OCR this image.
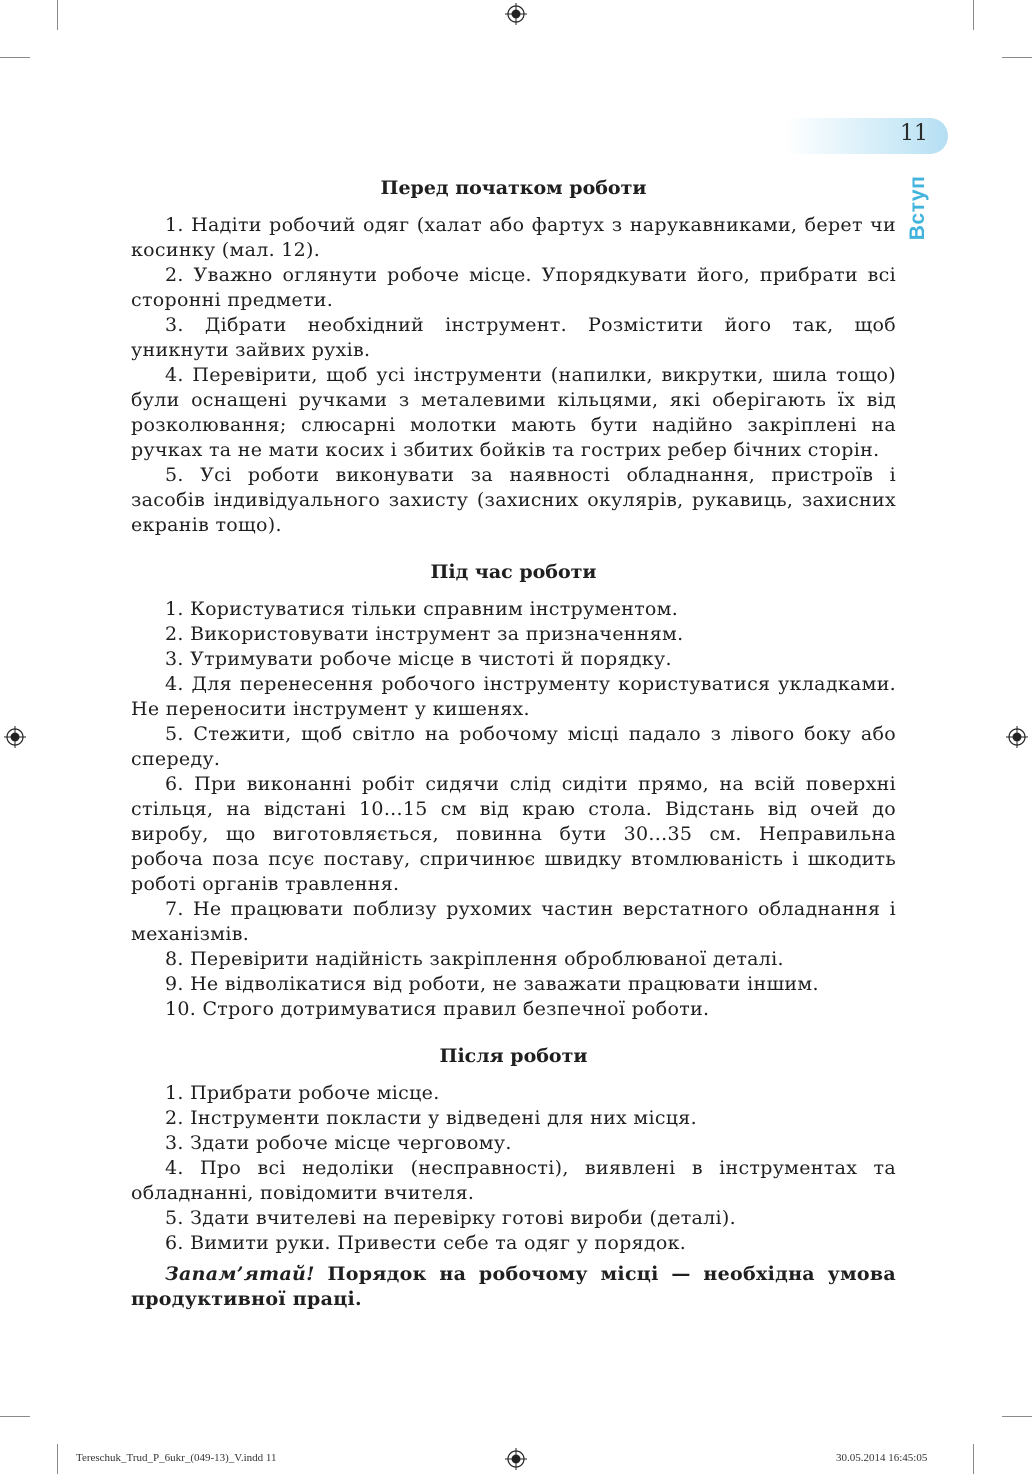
11
Вступ
Перед початком роботи

1. Надіти робочий одяг (халат або фартух з нарукавниками, берет чи косинку (мал. 12).

2. Уважно оглянути робоче місце. Упорядкувати його, прибрати всі сторонні предмети.

3. Дібрати необхідний інструмент. Розмістити його так, щоб уникнути зайвих рухів.

4. Перевірити, щоб усі інструменти (напилки, викрутки, шила тощо) були оснащені ручками з металевими кільцями, які оберігають їх від розколювання; слюсарні молотки мають бути надійно закріплені на ручках та не мати косих і збитих бойків та гострих ребер бічних сторін.

5. Усі роботи виконувати за наявності обладнання, пристроїв і засобів індивідуального захисту (захисних окулярів, рукавиць, захисних екранів тощо).

Під час роботи

1. Користуватися тільки справним інструментом.

2. Використовувати інструмент за призначенням.

3. Утримувати робоче місце в чистоті й порядку.

4. Для перенесення робочого інструменту користуватися укладками. Не переносити інструмент у кишенях.

5. Стежити, щоб світло на робочому місці падало з лівого боку або спереду.

6. При виконанні робіт сидячи слід сидіти прямо, на всій поверхні стільця, на відстані 10...15 см від краю стола. Відстань від очей до виробу, що виготовляється, повинна бути 30...35 см. Неправильна робоча поза псує поставу, спричинює швидку втомлюваність і шкодить роботі органів травлення.

7. Не працювати поблизу рухомих частин верстатного обладнання і механізмів.

8. Перевірити надійність закріплення оброблюваної деталі.

9. Не відволікатися від роботи, не заважати працювати іншим.

10. Строго дотримуватися правил безпечної роботи.

Після роботи

1. Прибрати робоче місце.

2. Інструменти покласти у відведені для них місця.

3. Здати робоче місце черговому.

4. Про всі недоліки (несправності), виявлені в інструментах та обладнанні, повідомити вчителя.

5. Здати вчителеві на перевірку готові вироби (деталі).

6. Вимити руки. Привести себе та одяг у порядок.

Запам’ятай! Порядок на робочому місці — необхідна умова продуктивної праці.

Tereschuk_Trud_P_6ukr_(049-13)_V.indd 11	30.05.2014 16:45:05
